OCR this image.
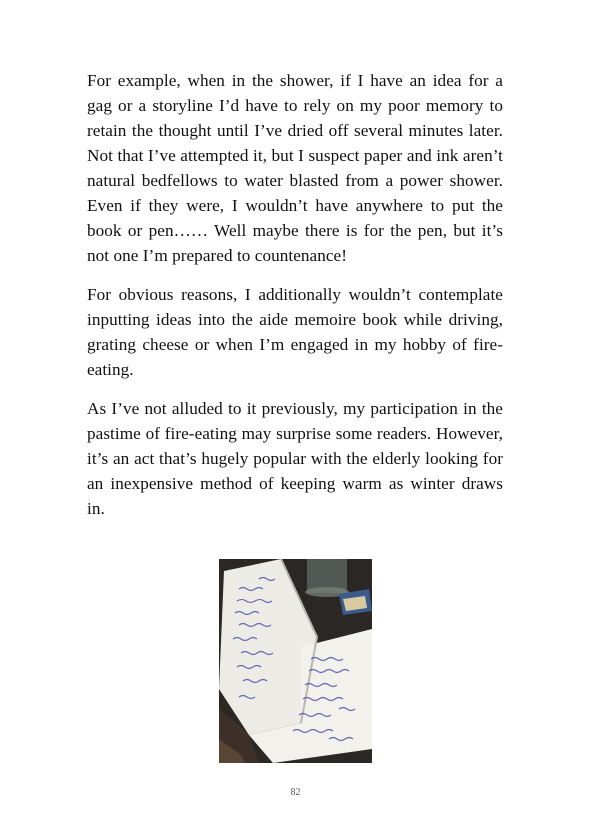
For example, when in the shower, if I have an idea for a gag or a storyline I’d have to rely on my poor memory to retain the thought until I’ve dried off several minutes later. Not that I’ve attempted it, but I suspect paper and ink aren’t natural bedfellows to water blasted from a power shower. Even if they were, I wouldn’t have anywhere to put the book or pen…… Well maybe there is for the pen, but it’s not one I’m prepared to countenance!

For obvious reasons, I additionally wouldn’t contemplate inputting ideas into the aide memoire book while driving, grating cheese or when I’m engaged in my hobby of fire-eating.

As I’ve not alluded to it previously, my participation in the pastime of fire-eating may surprise some readers. However, it’s an act that’s hugely popular with the elderly looking for an inexpensive method of keeping warm as winter draws in.

82
